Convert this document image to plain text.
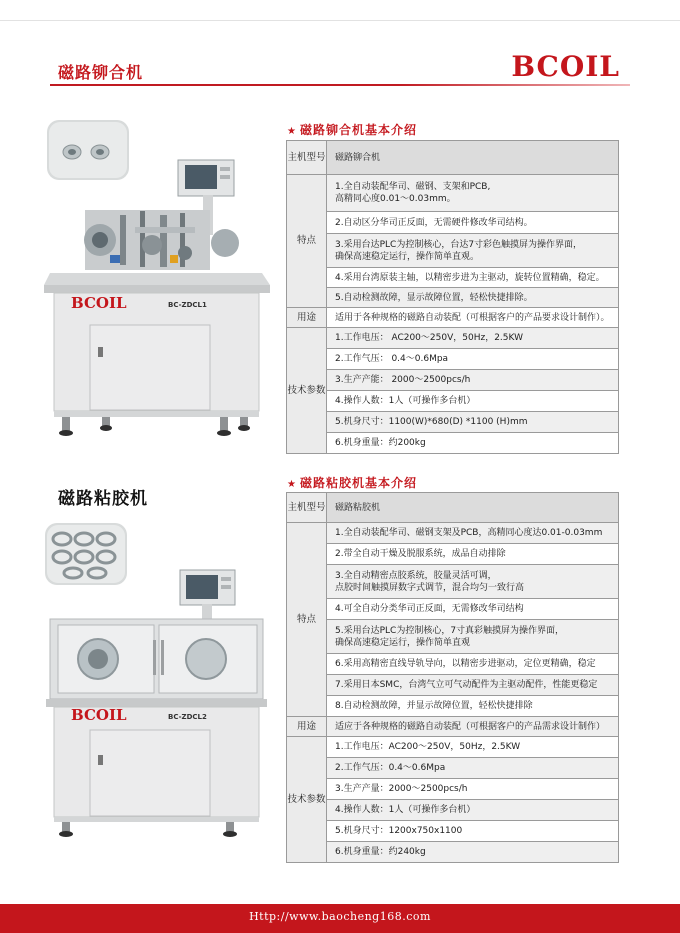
磁路铆合机	BCOIL
BCOIL	BC-ZDCL1
★ 磁路铆合机基本介绍
主机型号	磁路铆合机
特点	1.全自动装配华司、磁钢、支架和PCB,
高精同心度0.01～0.03mm。

	2.自动区分华司正反面，无需硬件修改华司结构。

	3.采用台达PLC为控制核心，台达7寸彩色触摸屏为操作界面，
确保高速稳定运行，操作简单直观。

	4.采用台湾原装主轴，以精密步进为主驱动，旋转位置精确，稳定。
	5.自动检测故障，显示故障位置，轻松快捷排除。
用途	适用于各种规格的磁路自动装配（可根据客户的产品要求设计制作）。
技术参数	1.工作电压： AC200～250V，50Hz，2.5KW
	2.工作气压： 0.4～0.6Mpa
	3.生产产能： 2000～2500pcs/h
	4.操作人数：1人（可操作多台机）
	5.机身尺寸：1100(W)*680(D) *1100 (H)mm
	6.机身重量：约200kg
磁路粘胶机
BCOIL	BC-ZDCL2
★ 磁路粘胶机基本介绍
主机型号	磁路粘胶机
特点	1.全自动装配华司、磁钢支架及PCB，高精同心度达0.01-0.03mm
	2.带全自动干燥及脱服系统，成品自动排除

	3.全自动精密点胶系统，胶量灵活可调，
点胶时间触摸屏数字式调节，混合均匀一致行高

	4.可全自动分类华司正反面，无需修改华司结构

	5.采用台达PLC为控制核心，7寸真彩触摸屏为操作界面，
确保高速稳定运行，操作简单直观

	6.采用高精密直线导轨导向，以精密步进驱动，定位更精确，稳定
	7.采用日本SMC，台湾气立可气动配件为主驱动配件，性能更稳定
	8.自动检测故障，并显示故障位置，轻松快捷排除
用途	适应于各种规格的磁路自动装配（可根据客户的产品需求设计制作）
技术参数	1.工作电压：AC200～250V，50Hz，2.5KW
	2.工作气压：0.4～0.6Mpa
	3.生产产量：2000～2500pcs/h
	4.操作人数：1人（可操作多台机）
	5.机身尺寸：1200x750x1100
	6.机身重量：约240kg
Http://www.baocheng168.com
